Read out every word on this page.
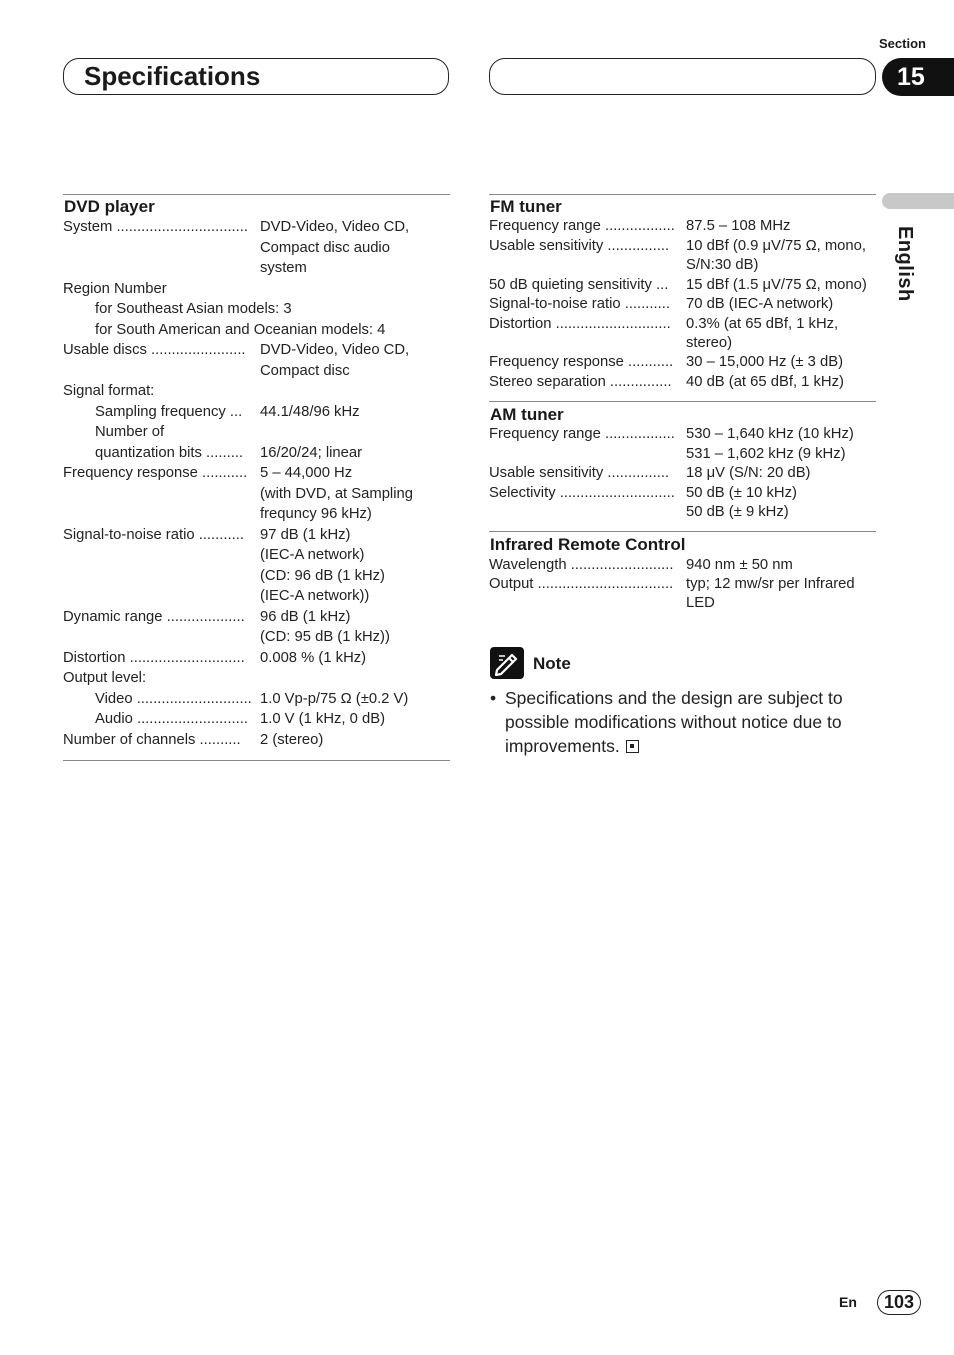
Section
Specifications	15
English
DVD player
System ................................ DVD-Video, Video CD,
Compact disc audio
system
Region Number
for Southeast Asian models: 3
for South American and Oceanian models: 4
Usable discs ....................... DVD-Video, Video CD,
Compact disc
Signal format:
Sampling frequency ... 44.1/48/96 kHz
Number of
quantization bits ......... 16/20/24; linear
Frequency response ........... 5 – 44,000 Hz
(with DVD, at Sampling
frequncy 96 kHz)
Signal-to-noise ratio ........... 97 dB (1 kHz)
(IEC-A network)
(CD: 96 dB (1 kHz)
(IEC-A network))
Dynamic range ................... 96 dB (1 kHz)
(CD: 95 dB (1 kHz))
Distortion ............................ 0.008 % (1 kHz)
Output level:
Video ............................ 1.0 Vp-p/75 Ω (±0.2 V)
Audio ........................... 1.0 V (1 kHz, 0 dB)
Number of channels .......... 2 (stereo)
FM tuner
Frequency range ................. 87.5 – 108 MHz
Usable sensitivity ............... 10 dBf (0.9 μV/75 Ω, mono,
S/N:30 dB)
50 dB quieting sensitivity ... 15 dBf (1.5 μV/75 Ω, mono)
Signal-to-noise ratio ........... 70 dB (IEC-A network)
Distortion ............................ 0.3% (at 65 dBf, 1 kHz,
stereo)
Frequency response ........... 30 – 15,000 Hz (± 3 dB)
Stereo separation ............... 40 dB (at 65 dBf, 1 kHz)
AM tuner
Frequency range ................. 530 – 1,640 kHz (10 kHz)
531 – 1,602 kHz (9 kHz)
Usable sensitivity ............... 18 μV (S/N: 20 dB)
Selectivity ............................ 50 dB (± 10 kHz)
50 dB (± 9 kHz)
Infrared Remote Control
Wavelength ......................... 940 nm ± 50 nm
Output ................................. typ; 12 mw/sr per Infrared
LED
Note
• Specifications and the design are subject to possible modifications without notice due to improvements.
En	103
